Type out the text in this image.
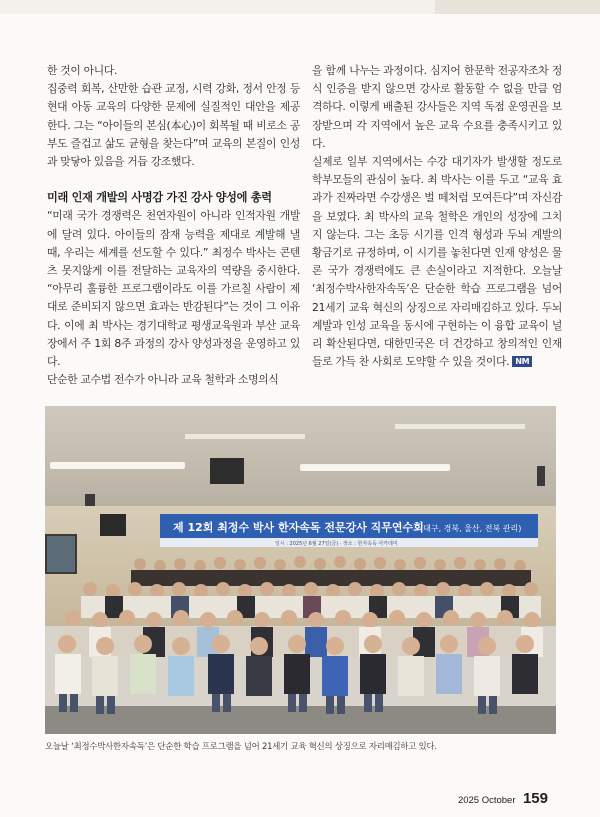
한 것이 아니다.

집중력 회복, 산만한 습관 교정, 시력 강화, 정서 안정 등 현대 아동 교육의 다양한 문제에 실질적인 대안을 제공한다. 그는 “아이들의 본심(本心)이 회복될 때 비로소 공부도 즐겁고 삶도 균형을 찾는다”며 교육의 본질이 인성과 맞닿아 있음을 거듭 강조했다.

미래 인재 개발의 사명감 가진 강사 양성에 총력

“미래 국가 경쟁력은 천연자원이 아니라 인적자원 개발에 달려 있다. 아이들의 잠재 능력을 제대로 계발해 낼 때, 우리는 세계를 선도할 수 있다.” 최정수 박사는 콘텐츠 못지않게 이를 전달하는 교육자의 역량을 중시한다. “아무리 훌륭한 프로그램이라도 이를 가르칠 사람이 제대로 준비되지 않으면 효과는 반감된다”는 것이 그 이유다. 이에 최 박사는 경기대학교 평생교육원과 부산 교육장에서 주 1회 8주 과정의 강사 양성과정을 운영하고 있다.

단순한 교수법 전수가 아니라 교육 철학과 소명의식

을 함께 나누는 과정이다. 심지어 한문학 전공자조차 정식 인증을 받지 않으면 강사로 활동할 수 없을 만큼 엄격하다. 이렇게 배출된 강사들은 지역 독점 운영권을 보장받으며 각 지역에서 높은 교육 수요를 충족시키고 있다.

실제로 일부 지역에서는 수강 대기자가 발생할 정도로 학부모들의 관심이 높다. 최 박사는 이를 두고 “교육 효과가 진짜라면 수강생은 벌 떼처럼 모여든다”며 자신감을 보였다. 최 박사의 교육 철학은 개인의 성장에 그치지 않는다. 그는 초등 시기를 인격 형성과 두뇌 계발의 황금기로 규정하며, 이 시기를 놓친다면 인재 양성은 물론 국가 경쟁력에도 큰 손실이라고 지적한다. 오늘날 ‘최정수박사한자속독’은 단순한 학습 프로그램을 넘어 21세기 교육 혁신의 상징으로 자리매김하고 있다. 두뇌 계발과 인성 교육을 동시에 구현하는 이 융합 교육이 널리 확산된다면, 대한민국은 더 건강하고 창의적인 인재들로 가득 찬 사회로 도약할 수 있을 것이다. NM

제 12회 최정수 박사 한자속독 전문강사 직무연수회
(대구, 경북, 울산, 전북 관리)
일시 : 2025년 6월 27일(금) · 장소 : 한자속독 아카데미
오늘날 ‘최정수박사한자속독’은 단순한 학습 프로그램을 넘어 21세기 교육 혁신의 상징으로 자리매김하고 있다.
2025 October 159
